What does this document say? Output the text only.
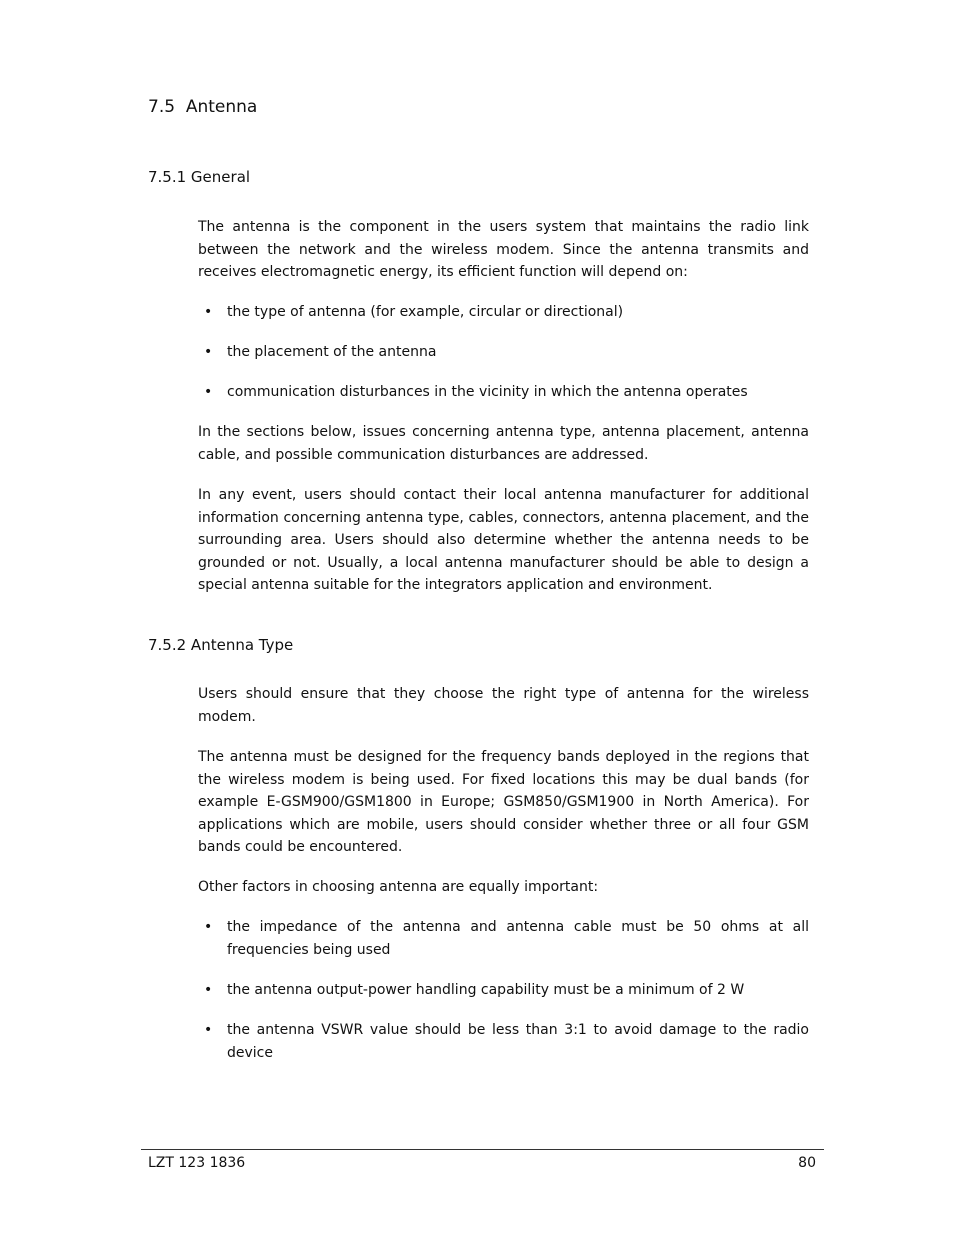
7.5 Antenna
7.5.1 General

The antenna is the component in the users system that maintains the radio link between the network and the wireless modem. Since the antenna transmits and receives electromagnetic energy, its efficient function will depend on:

• the type of antenna (for example, circular or directional)
• the placement of the antenna
• communication disturbances in the vicinity in which the antenna operates

In the sections below, issues concerning antenna type, antenna placement, antenna cable, and possible communication disturbances are addressed.

In any event, users should contact their local antenna manufacturer for additional information concerning antenna type, cables, connectors, antenna placement, and the surrounding area. Users should also determine whether the antenna needs to be grounded or not. Usually, a local antenna manufacturer should be able to design a special antenna suitable for the integrators application and environment.

7.5.2 Antenna Type

Users should ensure that they choose the right type of antenna for the wireless modem.

The antenna must be designed for the frequency bands deployed in the regions that the wireless modem is being used. For fixed locations this may be dual bands (for example E-GSM900/GSM1800 in Europe; GSM850/GSM1900 in North America). For applications which are mobile, users should consider whether three or all four GSM bands could be encountered.

Other factors in choosing antenna are equally important:

• the impedance of the antenna and antenna cable must be 50 ohms at all frequencies being used
• the antenna output-power handling capability must be a minimum of 2 W
• the antenna VSWR value should be less than 3:1 to avoid damage to the radio device
LZT 123 1836	80
